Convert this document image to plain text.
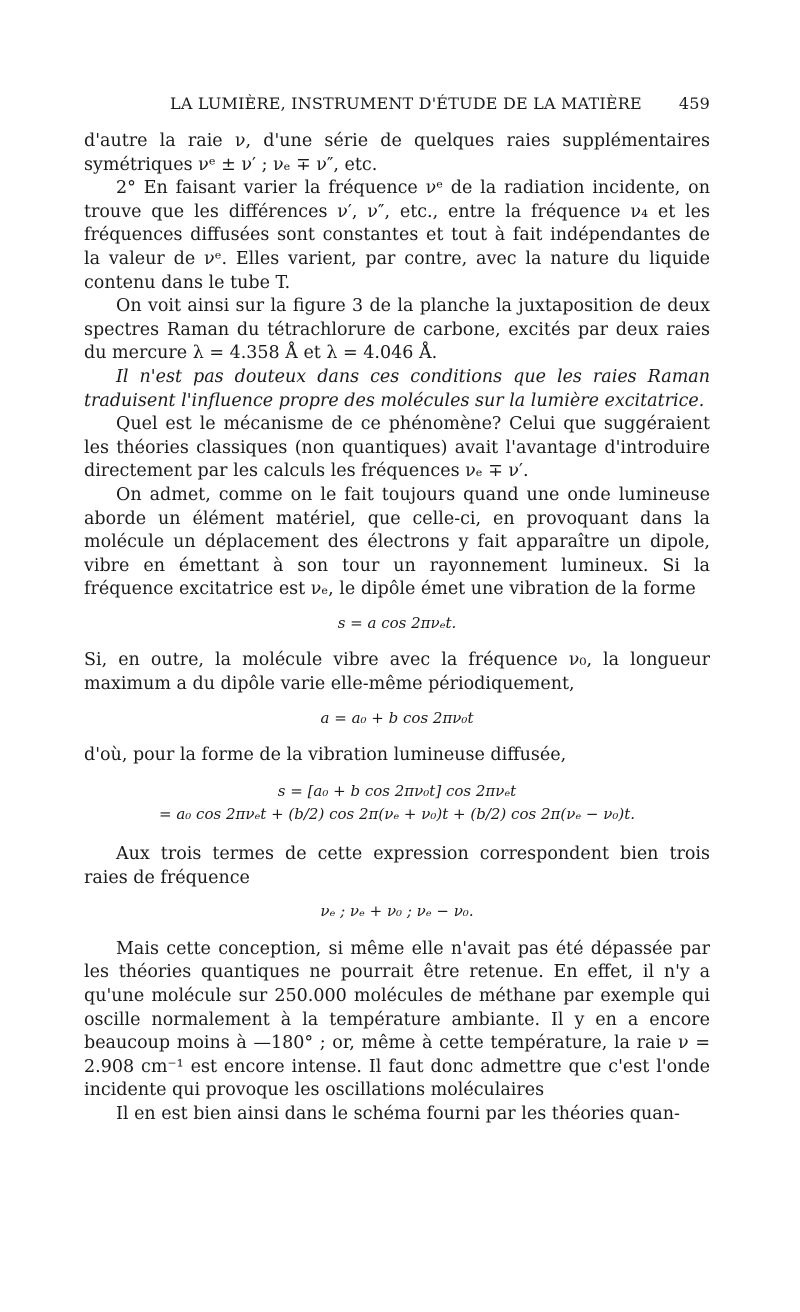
LA LUMIÈRE, INSTRUMENT D'ÉTUDE DE LA MATIÈRE 459

d'autre la raie ν, d'une série de quelques raies supplémentaires symétriques νᵉ ± ν′ ; νₑ ∓ ν″, etc.

2° En faisant varier la fréquence νᵉ de la radiation incidente, on trouve que les différences ν′, ν″, etc., entre la fréquence ν₄ et les fréquences diffusées sont constantes et tout à fait indépendantes de la valeur de νᵉ. Elles varient, par contre, avec la nature du liquide contenu dans le tube T.

On voit ainsi sur la figure 3 de la planche la juxtaposition de deux spectres Raman du tétrachlorure de carbone, excités par deux raies du mercure λ = 4.358 Å et λ = 4.046 Å.

Il n'est pas douteux dans ces conditions que les raies Raman traduisent l'influence propre des molécules sur la lumière excitatrice.

Quel est le mécanisme de ce phénomène? Celui que suggéraient les théories classiques (non quantiques) avait l'avantage d'introduire directement par les calculs les fréquences νₑ ∓ ν′.

On admet, comme on le fait toujours quand une onde lumineuse aborde un élément matériel, que celle-ci, en provoquant dans la molécule un déplacement des électrons y fait apparaître un dipole, vibre en émettant à son tour un rayonnement lumineux. Si la fréquence excitatrice est νₑ, le dipôle émet une vibration de la forme

s = a cos 2πνₑt.

Si, en outre, la molécule vibre avec la fréquence ν₀, la longueur maximum a du dipôle varie elle-même périodiquement,

a = a₀ + b cos 2πν₀t

d'où, pour la forme de la vibration lumineuse diffusée,

s = [a₀ + b cos 2πν₀t] cos 2πνₑt
= a₀ cos 2πνₑt + (b/2) cos 2π(νₑ + ν₀)t + (b/2) cos 2π(νₑ − ν₀)t.

Aux trois termes de cette expression correspondent bien trois raies de fréquence

νₑ ; νₑ + ν₀ ; νₑ − ν₀.

Mais cette conception, si même elle n'avait pas été dépassée par les théories quantiques ne pourrait être retenue. En effet, il n'y a qu'une molécule sur 250.000 molécules de méthane par exemple qui oscille normalement à la température ambiante. Il y en a encore beaucoup moins à —180° ; or, même à cette température, la raie ν = 2.908 cm⁻¹ est encore intense. Il faut donc admettre que c'est l'onde incidente qui provoque les oscillations moléculaires

Il en est bien ainsi dans le schéma fourni par les théories quan-
